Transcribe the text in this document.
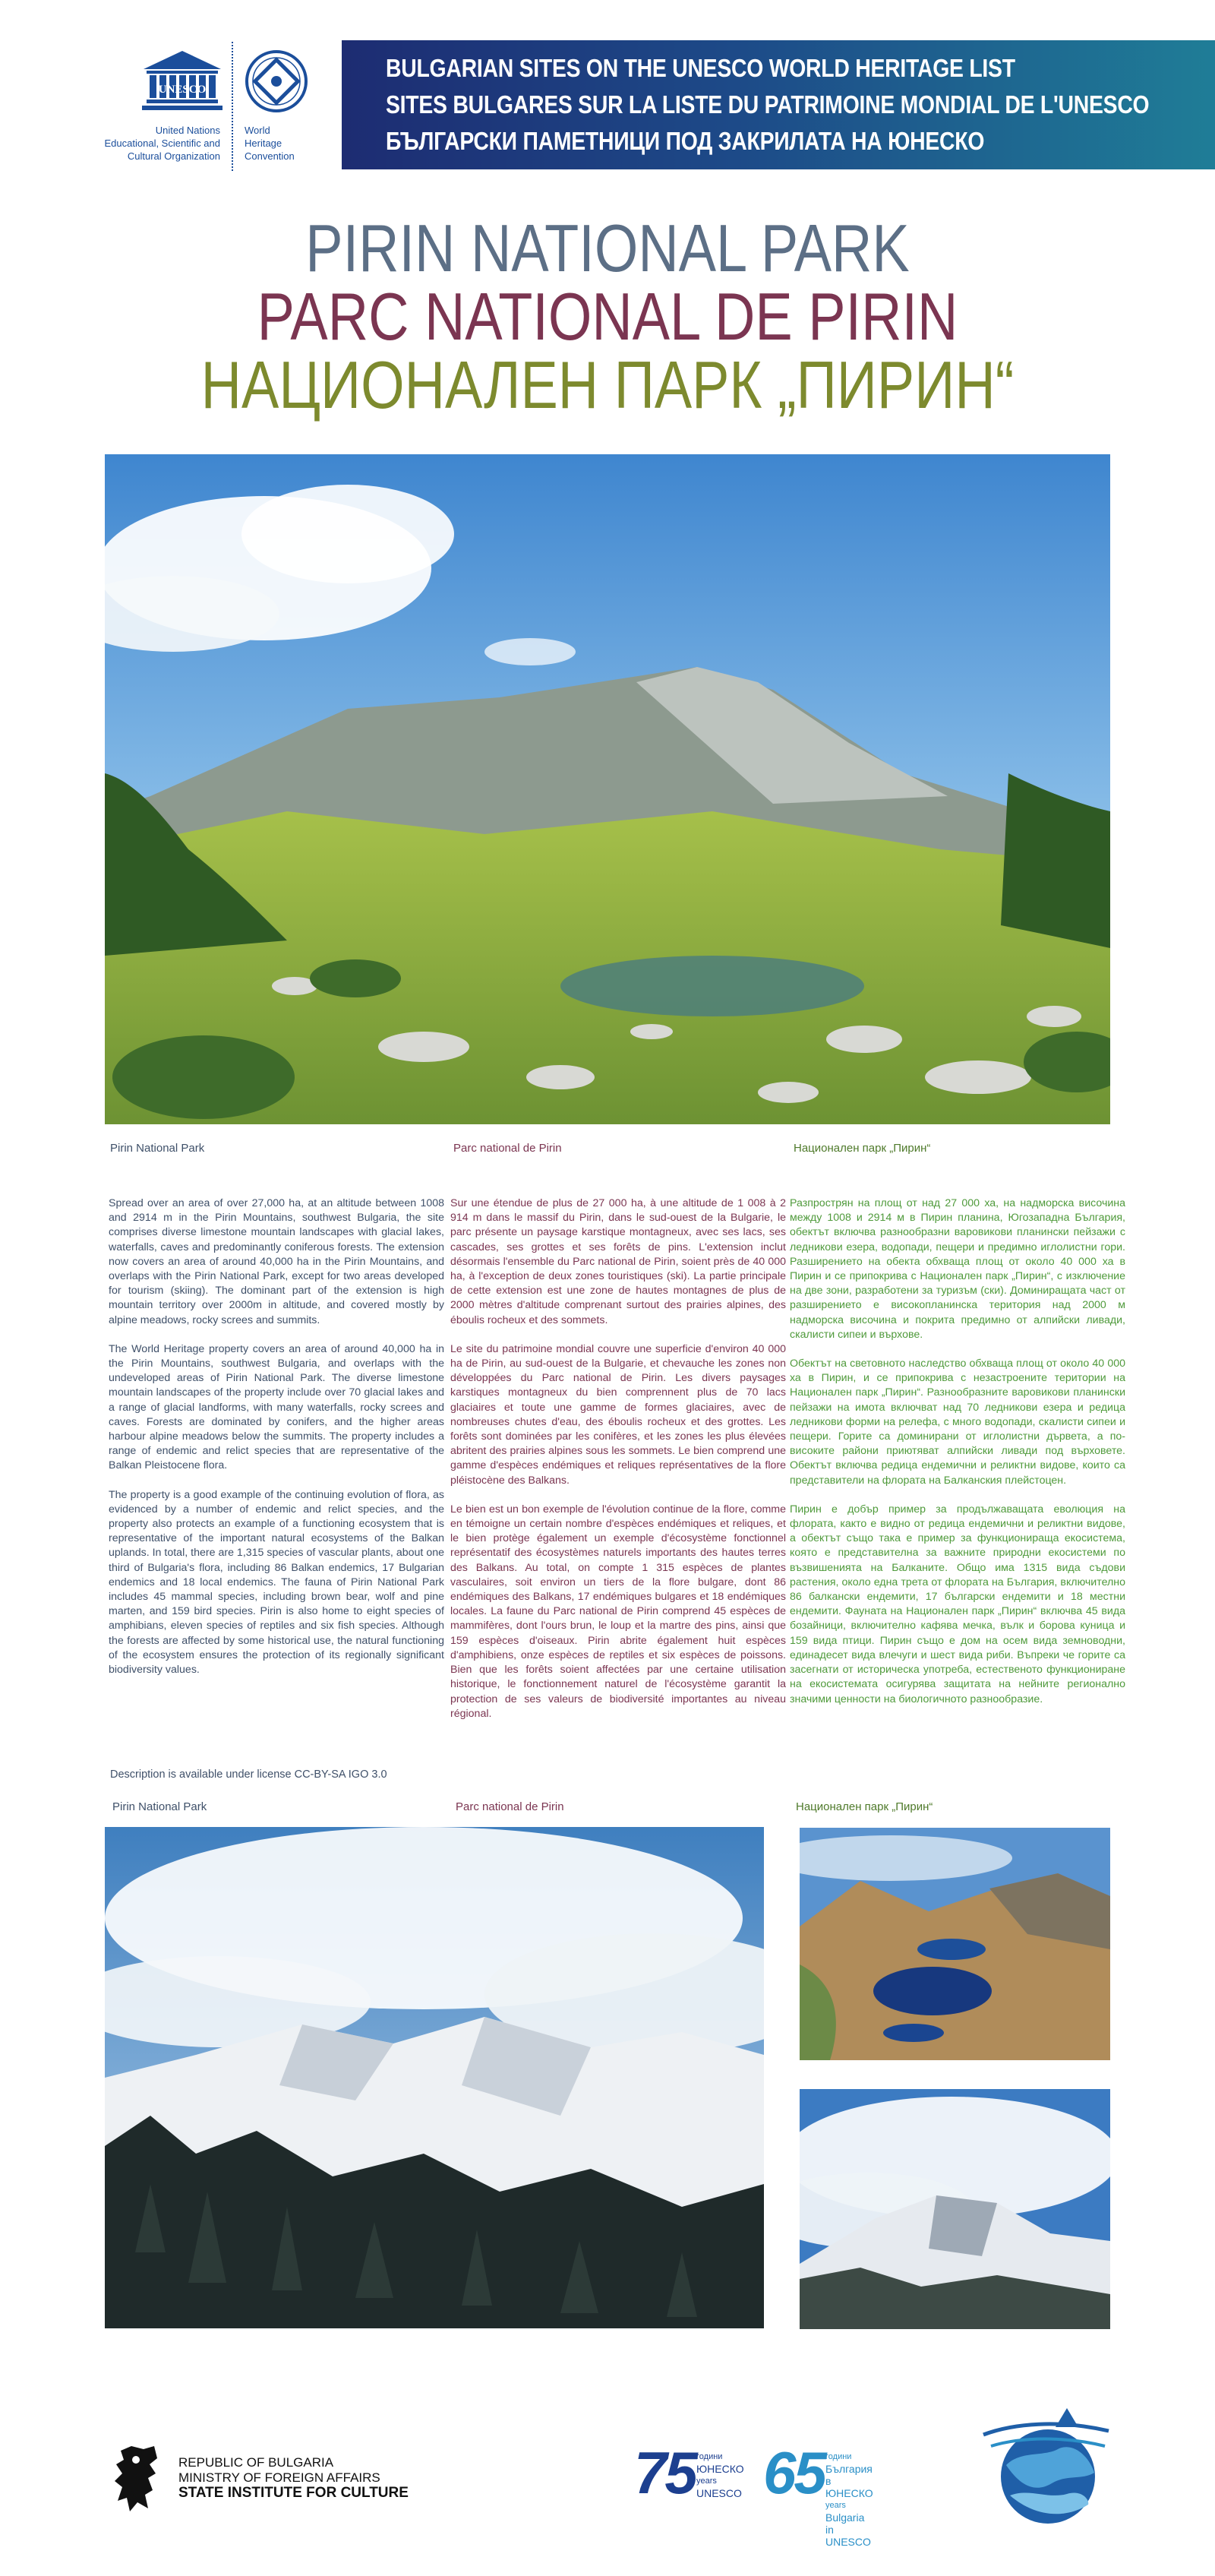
UNESCO
United Nations
Educational, Scientific and
Cultural Organization
World
Heritage
Convention
BULGARIAN SITES ON THE UNESCO WORLD HERITAGE LIST
SITES BULGARES SUR LA LISTE DU PATRIMOINE MONDIAL DE L'UNESCO
БЪЛГАРСКИ ПАМЕТНИЦИ ПОД ЗАКРИЛАТА НА ЮНЕСКО
PIRIN NATIONAL PARK
PARC NATIONAL DE PIRIN
НАЦИОНАЛЕН ПАРК „ПИРИН“
Pirin National Park	Parc national de Pirin	Национален парк „Пирин“

Spread over an area of over 27,000 ha, at an altitude between 1008 and 2914 m in the Pirin Mountains, southwest Bulgaria, the site comprises diverse limestone mountain landscapes with glacial lakes, waterfalls, caves and predominantly coniferous forests. The extension now covers an area of around 40,000 ha in the Pirin Mountains, and overlaps with the Pirin National Park, except for two areas developed for tourism (skiing). The dominant part of the extension is high mountain territory over 2000m in altitude, and covered mostly by alpine meadows, rocky screes and summits.

The World Heritage property covers an area of around 40,000 ha in the Pirin Mountains, southwest Bulgaria, and overlaps with the undeveloped areas of Pirin National Park. The diverse limestone mountain landscapes of the property include over 70 glacial lakes and a range of glacial landforms, with many waterfalls, rocky screes and caves. Forests are dominated by conifers, and the higher areas harbour alpine meadows below the summits. The property includes a range of endemic and relict species that are representative of the Balkan Pleistocene flora.

The property is a good example of the continuing evolution of flora, as evidenced by a number of endemic and relict species, and the property also protects an example of a functioning ecosystem that is representative of the important natural ecosystems of the Balkan uplands. In total, there are 1,315 species of vascular plants, about one third of Bulgaria's flora, including 86 Balkan endemics, 17 Bulgarian endemics and 18 local endemics. The fauna of Pirin National Park includes 45 mammal species, including brown bear, wolf and pine marten, and 159 bird species. Pirin is also home to eight species of amphibians, eleven species of reptiles and six fish species. Although the forests are affected by some historical use, the natural functioning of the ecosystem ensures the protection of its regionally significant biodiversity values.

Sur une étendue de plus de 27 000 ha, à une altitude de 1 008 à 2 914 m dans le massif du Pirin, dans le sud-ouest de la Bulgarie, le parc présente un paysage karstique montagneux, avec ses lacs, ses cascades, ses grottes et ses forêts de pins. L'extension inclut désormais l'ensemble du Parc national de Pirin, soient près de 40 000 ha, à l'exception de deux zones touristiques (ski). La partie principale de cette extension est une zone de hautes montagnes de plus de 2000 mètres d'altitude comprenant surtout des prairies alpines, des éboulis rocheux et des sommets.

Le site du patrimoine mondial couvre une superficie d'environ 40 000 ha de Pirin, au sud-ouest de la Bulgarie, et chevauche les zones non développées du Parc national de Pirin. Les divers paysages karstiques montagneux du bien comprennent plus de 70 lacs glaciaires et toute une gamme de formes glaciaires, avec de nombreuses chutes d'eau, des éboulis rocheux et des grottes. Les forêts sont dominées par les conifères, et les zones les plus élevées abritent des prairies alpines sous les sommets. Le bien comprend une gamme d'espèces endémiques et reliques représentatives de la flore pléistocène des Balkans.

Le bien est un bon exemple de l'évolution continue de la flore, comme en témoigne un certain nombre d'espèces endémiques et reliques, et le bien protège également un exemple d'écosystème fonctionnel représentatif des écosystèmes naturels importants des hautes terres des Balkans. Au total, on compte 1 315 espèces de plantes vasculaires, soit environ un tiers de la flore bulgare, dont 86 endémiques des Balkans, 17 endémiques bulgares et 18 endémiques locales. La faune du Parc national de Pirin comprend 45 espèces de mammifères, dont l'ours brun, le loup et la martre des pins, ainsi que 159 espèces d'oiseaux. Pirin abrite également huit espèces d'amphibiens, onze espèces de reptiles et six espèces de poissons. Bien que les forêts soient affectées par une certaine utilisation historique, le fonctionnement naturel de l'écosystème garantit la protection de ses valeurs de biodiversité importantes au niveau régional.

Разпрострян на площ от над 27 000 ха, на надморска височина между 1008 и 2914 м в Пирин планина, Югозападна България, обектът включва разнообразни варовикови планински пейзажи с ледникови езера, водопади, пещери и предимно иглолистни гори. Разширението на обекта обхваща площ от около 40 000 ха в Пирин и се припокрива с Национален парк „Пирин“, с изключение на две зони, разработени за туризъм (ски). Доминиращата част от разширението е високопланинска територия над 2000 м надморска височина и покрита предимно от алпийски ливади, скалисти сипеи и върхове.

Обектът на световното наследство обхваща площ от около 40 000 ха в Пирин, и се припокрива с незастроените територии на Национален парк „Пирин“. Разнообразните варовикови планински пейзажи на имота включват над 70 ледникови езера и редица ледникови форми на релефа, с много водопади, скалисти сипеи и пещери. Горите са доминирани от иглолистни дървета, а по-високите райони приютяват алпийски ливади под върховете. Обектът включва редица ендемични и реликтни видове, които са представители на флората на Балканския плейстоцен.

Пирин е добър пример за продължаващата еволюция на флората, както е видно от редица ендемични и реликтни видове, а обектът също така е пример за функционираща екосистема, която е представителна за важните природни екосистеми по възвишенията на Балканите. Общо има 1315 вида съдови растения, около една трета от флората на България, включително 86 балкански ендемити, 17 български ендемити и 18 местни ендемити. Фауната на Национален парк „Пирин“ включва 45 вида бозайници, включително кафява мечка, вълк и борова куница и 159 вида птици. Пирин също е дом на осем вида земноводни, единадесет вида влечуги и шест вида риби. Въпреки че горите са засегнати от историческа употреба, естественото функциониране на екосистемата осигурява защитата на нейните регионално значими ценности на биологичното разнообразие.

Description is available under license CC-BY-SA IGO 3.0
Pirin National Park	Parc national de Pirin	Национален парк „Пирин“
REPUBLIC OF BULGARIA
MINISTRY OF FOREIGN AFFAIRS
STATE INSTITUTE FOR CULTURE	75 години
ЮНЕСКО
years
UNESCO 65 години
България в ЮНЕСКО
years
Bulgaria in UNESCO
